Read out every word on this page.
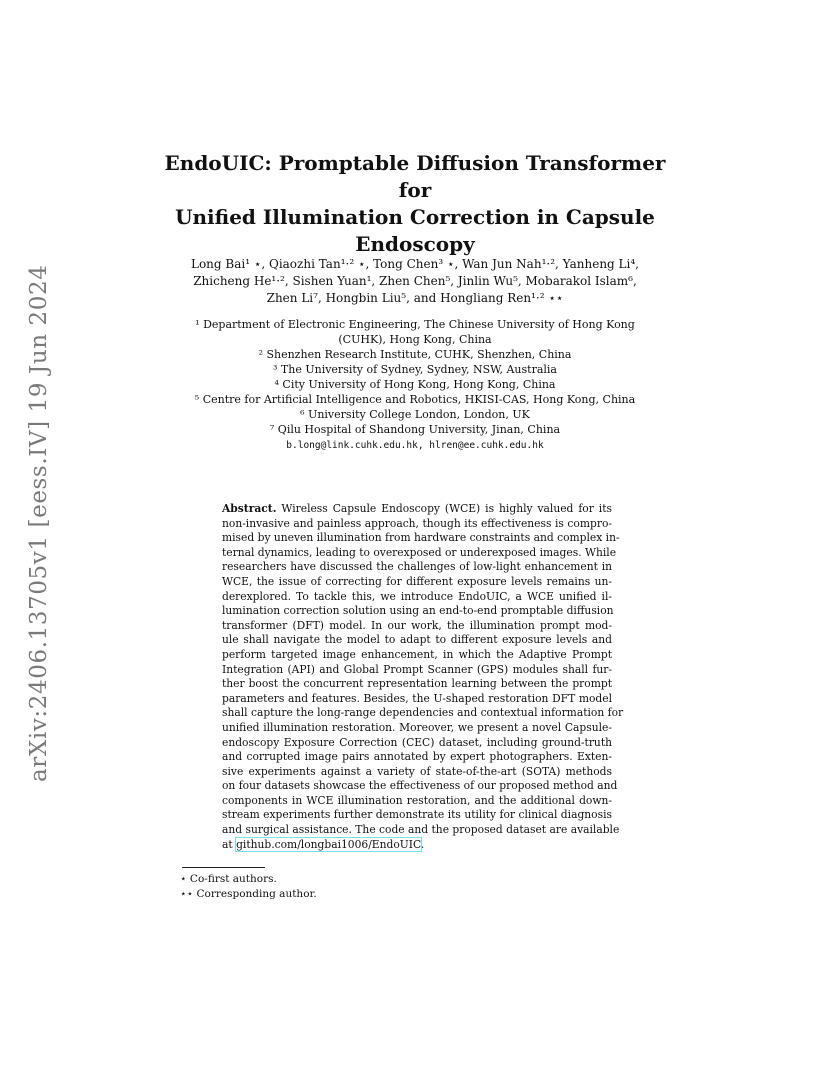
arXiv:2406.13705v1 [eess.IV] 19 Jun 2024
EndoUIC: Promptable Diffusion Transformer for
Unified Illumination Correction in Capsule
Endoscopy
Long Bai¹ ⋆, Qiaozhi Tan¹·² ⋆, Tong Chen³ ⋆, Wan Jun Nah¹·², Yanheng Li⁴,
Zhicheng He¹·², Sishen Yuan¹, Zhen Chen⁵, Jinlin Wu⁵, Mobarakol Islam⁶,
Zhen Li⁷, Hongbin Liu⁵, and Hongliang Ren¹·² ⋆⋆
¹ Department of Electronic Engineering, The Chinese University of Hong Kong
(CUHK), Hong Kong, China
² Shenzhen Research Institute, CUHK, Shenzhen, China
³ The University of Sydney, Sydney, NSW, Australia
⁴ City University of Hong Kong, Hong Kong, China
⁵ Centre for Artificial Intelligence and Robotics, HKISI-CAS, Hong Kong, China
⁶ University College London, London, UK
⁷ Qilu Hospital of Shandong University, Jinan, China
b.long@link.cuhk.edu.hk, hlren@ee.cuhk.edu.hk
Abstract. Wireless Capsule Endoscopy (WCE) is highly valued for its
non-invasive and painless approach, though its effectiveness is compro-
mised by uneven illumination from hardware constraints and complex in-
ternal dynamics, leading to overexposed or underexposed images. While
researchers have discussed the challenges of low-light enhancement in
WCE, the issue of correcting for different exposure levels remains un-
derexplored. To tackle this, we introduce EndoUIC, a WCE unified il-
lumination correction solution using an end-to-end promptable diffusion
transformer (DFT) model. In our work, the illumination prompt mod-
ule shall navigate the model to adapt to different exposure levels and
perform targeted image enhancement, in which the Adaptive Prompt
Integration (API) and Global Prompt Scanner (GPS) modules shall fur-
ther boost the concurrent representation learning between the prompt
parameters and features. Besides, the U-shaped restoration DFT model
shall capture the long-range dependencies and contextual information for
unified illumination restoration. Moreover, we present a novel Capsule-
endoscopy Exposure Correction (CEC) dataset, including ground-truth
and corrupted image pairs annotated by expert photographers. Exten-
sive experiments against a variety of state-of-the-art (SOTA) methods
on four datasets showcase the effectiveness of our proposed method and
components in WCE illumination restoration, and the additional down-
stream experiments further demonstrate its utility for clinical diagnosis
and surgical assistance. The code and the proposed dataset are available
at github.com/longbai1006/EndoUIC.
⋆ Co-first authors.
⋆⋆ Corresponding author.
